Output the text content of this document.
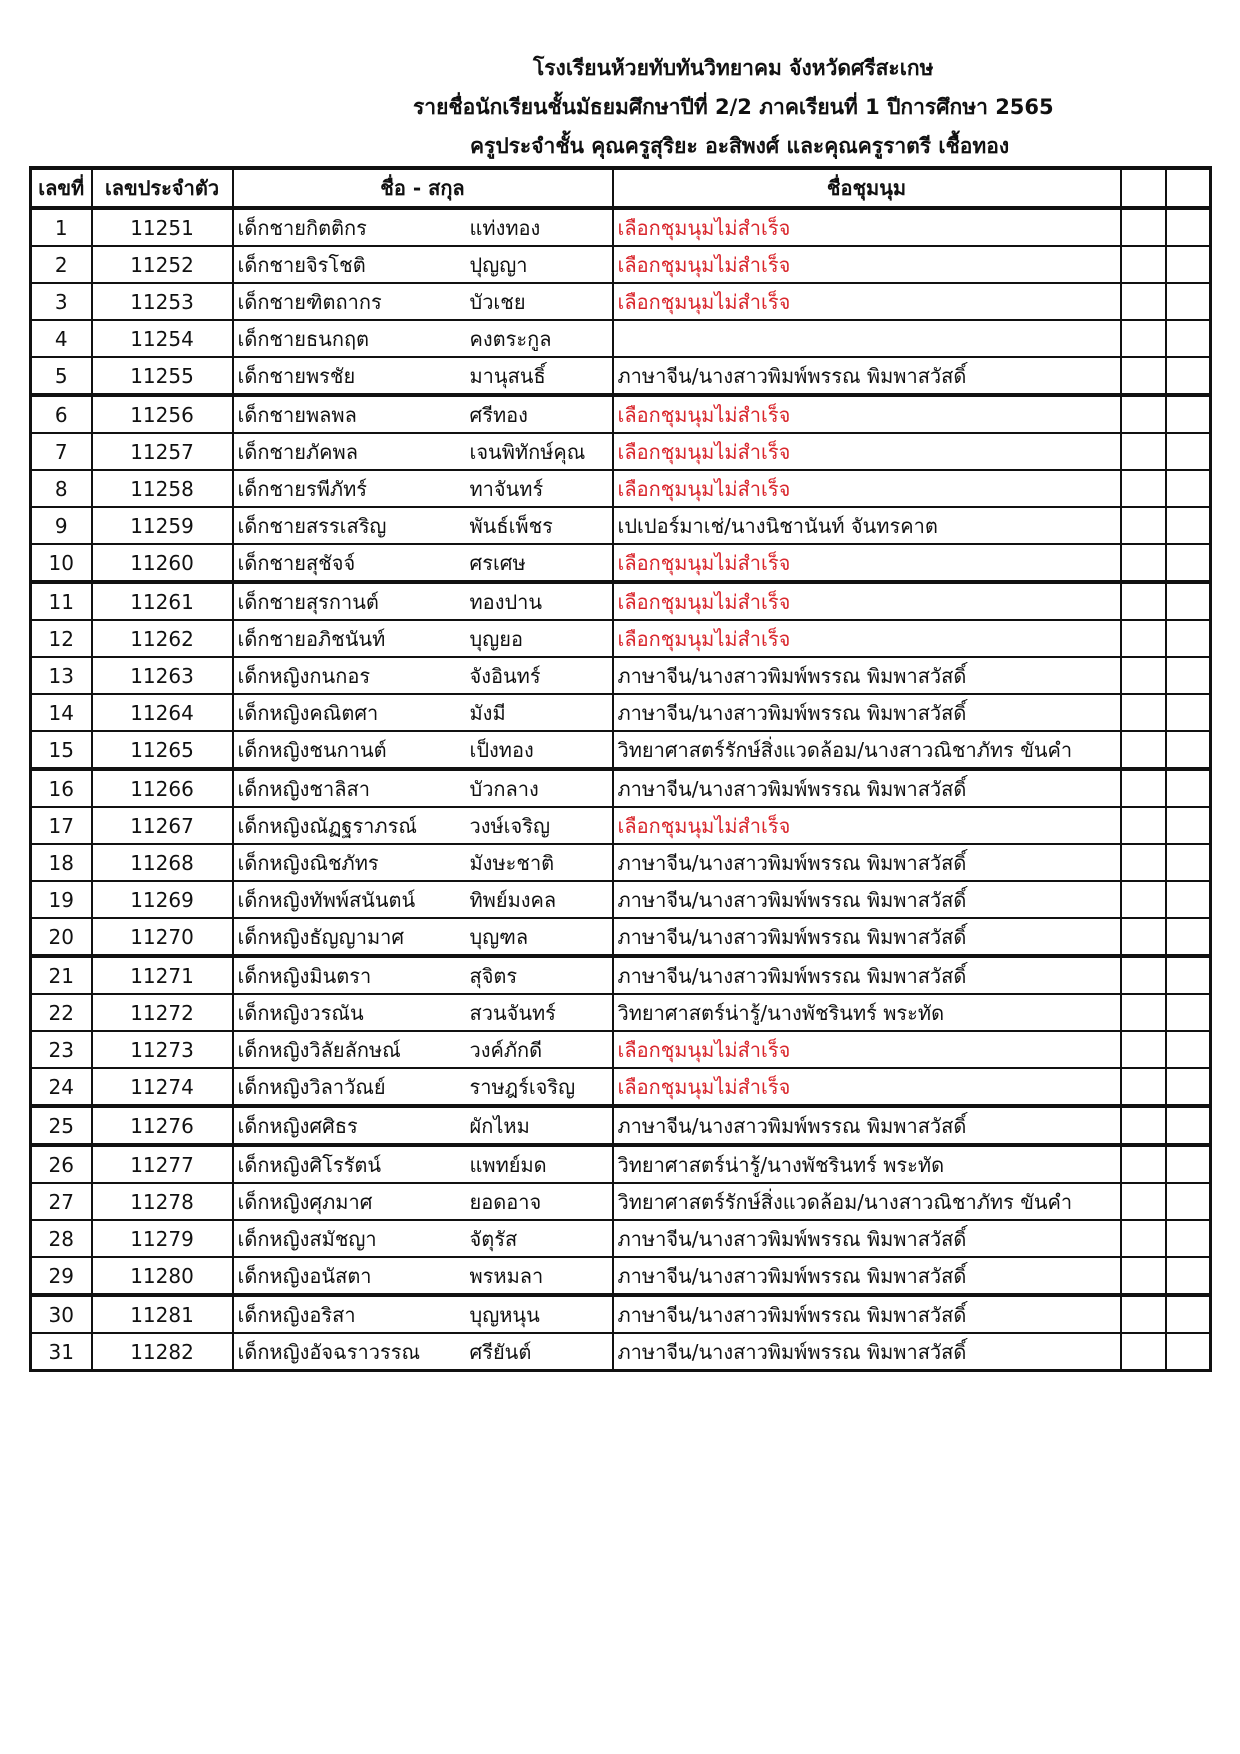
โรงเรียนห้วยทับทันวิทยาคม จังหวัดศรีสะเกษ
รายชื่อนักเรียนชั้นมัธยมศึกษาปีที่ 2/2 ภาคเรียนที่ 1 ปีการศึกษา 2565
ครูประจำชั้น คุณครูสุริยะ อะสิพงศ์ และคุณครูราตรี เชื้อทอง
เลขที่	เลขประจำตัว	ชื่อ - สกุล	ชื่อชุมนุม		
1	11251	เด็กชายกิตติกร แท่งทอง	เลือกชุมนุมไม่สำเร็จ		
2	11252	เด็กชายจิรโชติ ปุญญา	เลือกชุมนุมไม่สำเร็จ		
3	11253	เด็กชายฑิตถากร บัวเชย	เลือกชุมนุมไม่สำเร็จ		
4	11254	เด็กชายธนกฤต คงตระกูล			
5	11255	เด็กชายพรชัย มานุสนธิ์	ภาษาจีน/นางสาวพิมพ์พรรณ พิมพาสวัสดิ์		
6	11256	เด็กชายพลพล ศรีทอง	เลือกชุมนุมไม่สำเร็จ		
7	11257	เด็กชายภัคพล เจนพิทักษ์คุณ	เลือกชุมนุมไม่สำเร็จ		
8	11258	เด็กชายรพีภัทร์ ทาจันทร์	เลือกชุมนุมไม่สำเร็จ		
9	11259	เด็กชายสรรเสริญ พันธ์เพ็ชร	เปเปอร์มาเช่/นางนิชานันท์ จันทรคาต		
10	11260	เด็กชายสุชัจจ์ ศรเศษ	เลือกชุมนุมไม่สำเร็จ		
11	11261	เด็กชายสุรกานต์ ทองปาน	เลือกชุมนุมไม่สำเร็จ		
12	11262	เด็กชายอภิชนันท์ บุญยอ	เลือกชุมนุมไม่สำเร็จ		
13	11263	เด็กหญิงกนกอร จังอินทร์	ภาษาจีน/นางสาวพิมพ์พรรณ พิมพาสวัสดิ์		
14	11264	เด็กหญิงคณิตศา มังมี	ภาษาจีน/นางสาวพิมพ์พรรณ พิมพาสวัสดิ์		
15	11265	เด็กหญิงชนกานต์ เป็งทอง	วิทยาศาสตร์รักษ์สิ่งแวดล้อม/นางสาวณิชาภัทร ขันคำ		
16	11266	เด็กหญิงชาลิสา บัวกลาง	ภาษาจีน/นางสาวพิมพ์พรรณ พิมพาสวัสดิ์		
17	11267	เด็กหญิงณัฏฐราภรณ์ วงษ์เจริญ	เลือกชุมนุมไม่สำเร็จ		
18	11268	เด็กหญิงณิชภัทร มังษะชาติ	ภาษาจีน/นางสาวพิมพ์พรรณ พิมพาสวัสดิ์		
19	11269	เด็กหญิงทัพพ์สนันตน์ ทิพย์มงคล	ภาษาจีน/นางสาวพิมพ์พรรณ พิมพาสวัสดิ์		
20	11270	เด็กหญิงธัญญามาศ บุญฑล	ภาษาจีน/นางสาวพิมพ์พรรณ พิมพาสวัสดิ์		
21	11271	เด็กหญิงมินตรา สุจิตร	ภาษาจีน/นางสาวพิมพ์พรรณ พิมพาสวัสดิ์		
22	11272	เด็กหญิงวรณัน สวนจันทร์	วิทยาศาสตร์น่ารู้/นางพัชรินทร์ พระทัด		
23	11273	เด็กหญิงวิลัยลักษณ์ วงค์ภักดี	เลือกชุมนุมไม่สำเร็จ		
24	11274	เด็กหญิงวิลาวัณย์ ราษฎร์เจริญ	เลือกชุมนุมไม่สำเร็จ		
25	11276	เด็กหญิงศศิธร ผักไหม	ภาษาจีน/นางสาวพิมพ์พรรณ พิมพาสวัสดิ์		
26	11277	เด็กหญิงศิโรรัตน์ แพทย์มด	วิทยาศาสตร์น่ารู้/นางพัชรินทร์ พระทัด		
27	11278	เด็กหญิงศุภมาศ ยอดอาจ	วิทยาศาสตร์รักษ์สิ่งแวดล้อม/นางสาวณิชาภัทร ขันคำ		
28	11279	เด็กหญิงสมัชญา จัตุรัส	ภาษาจีน/นางสาวพิมพ์พรรณ พิมพาสวัสดิ์		
29	11280	เด็กหญิงอนัสตา พรหมลา	ภาษาจีน/นางสาวพิมพ์พรรณ พิมพาสวัสดิ์		
30	11281	เด็กหญิงอริสา บุญหนุน	ภาษาจีน/นางสาวพิมพ์พรรณ พิมพาสวัสดิ์		
31	11282	เด็กหญิงอัจฉราวรรณ ศรียันต์	ภาษาจีน/นางสาวพิมพ์พรรณ พิมพาสวัสดิ์		
